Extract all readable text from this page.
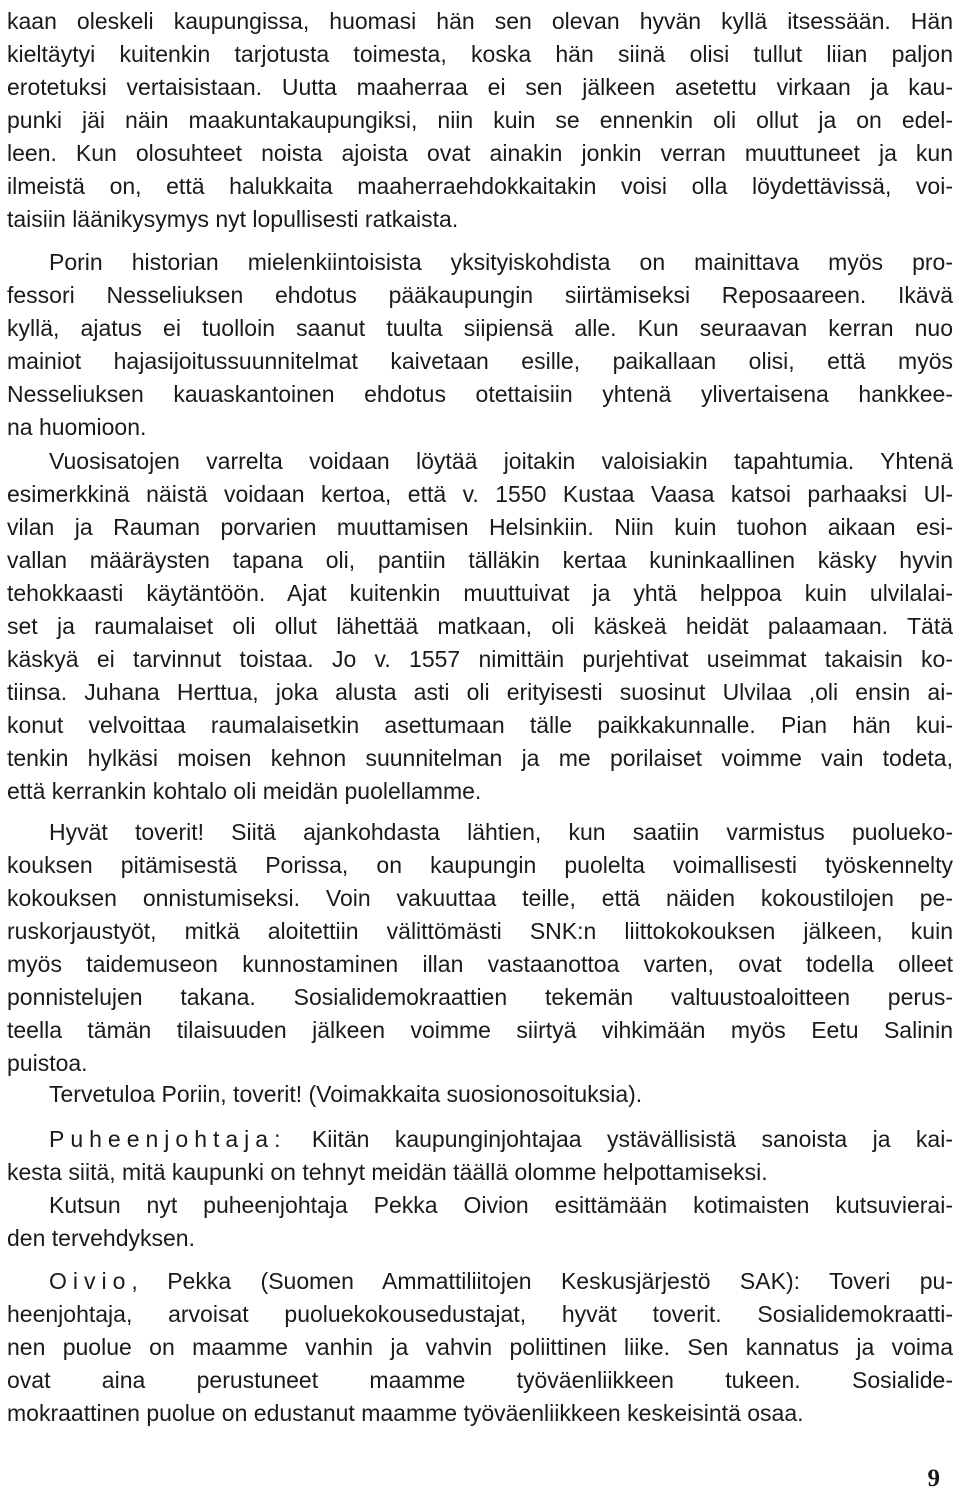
kaan oleskeli kaupungissa, huomasi hän sen olevan hyvän kyllä itsessään. Hän
kieltäytyi kuitenkin tarjotusta toimesta, koska hän siinä olisi tullut liian paljon
erotetuksi vertaisistaan. Uutta maaherraa ei sen jälkeen asetettu virkaan ja kau-
punki jäi näin maakuntakaupungiksi, niin kuin se ennenkin oli ollut ja on edel-
leen. Kun olosuhteet noista ajoista ovat ainakin jonkin verran muuttuneet ja kun
ilmeistä on, että halukkaita maaherraehdokkaitakin voisi olla löydettävissä, voi-
taisiin läänikysymys nyt lopullisesti ratkaista.
Porin historian mielenkiintoisista yksityiskohdista on mainittava myös pro-
fessori Nesseliuksen ehdotus pääkaupungin siirtämiseksi Reposaareen. Ikävä
kyllä, ajatus ei tuolloin saanut tuulta siipiensä alle. Kun seuraavan kerran nuo
mainiot hajasijoitussuunnitelmat kaivetaan esille, paikallaan olisi, että myös
Nesseliuksen kauaskantoinen ehdotus otettaisiin yhtenä ylivertaisena hankkee-
na huomioon.
Vuosisatojen varrelta voidaan löytää joitakin valoisiakin tapahtumia. Yhtenä
esimerkkinä näistä voidaan kertoa, että v. 1550 Kustaa Vaasa katsoi parhaaksi Ul-
vilan ja Rauman porvarien muuttamisen Helsinkiin. Niin kuin tuohon aikaan esi-
vallan määräysten tapana oli, pantiin tälläkin kertaa kuninkaallinen käsky hyvin
tehokkaasti käytäntöön. Ajat kuitenkin muuttuivat ja yhtä helppoa kuin ulvilalai-
set ja raumalaiset oli ollut lähettää matkaan, oli käskeä heidät palaamaan. Tätä
käskyä ei tarvinnut toistaa. Jo v. 1557 nimittäin purjehtivat useimmat takaisin ko-
tiinsa. Juhana Herttua, joka alusta asti oli erityisesti suosinut Ulvilaa ,oli ensin ai-
konut velvoittaa raumalaisetkin asettumaan tälle paikkakunnalle. Pian hän kui-
tenkin hylkäsi moisen kehnon suunnitelman ja me porilaiset voimme vain todeta,
että kerrankin kohtalo oli meidän puolellamme.
Hyvät toverit! Siitä ajankohdasta lähtien, kun saatiin varmistus puolueko-
kouksen pitämisestä Porissa, on kaupungin puolelta voimallisesti työskennelty
kokouksen onnistumiseksi. Voin vakuuttaa teille, että näiden kokoustilojen pe-
ruskorjaustyöt, mitkä aloitettiin välittömästi SNK:n liittokokouksen jälkeen, kuin
myös taidemuseon kunnostaminen illan vastaanottoa varten, ovat todella olleet
ponnistelujen takana. Sosialidemokraattien tekemän valtuustoaloitteen perus-
teella tämän tilaisuuden jälkeen voimme siirtyä vihkimään myös Eetu Salinin
puistoa.
Tervetuloa Poriin, toverit! (Voimakkaita suosionosoituksia).
Puheenjohtaja: Kiitän kaupunginjohtajaa ystävällisistä sanoista ja kai-
kesta siitä, mitä kaupunki on tehnyt meidän täällä olomme helpottamiseksi.
Kutsun nyt puheenjohtaja Pekka Oivion esittämään kotimaisten kutsuvierai-
den tervehdyksen.
Oivio, Pekka (Suomen Ammattiliitojen Keskusjärjestö SAK): Toveri pu-
heenjohtaja, arvoisat puoluekokousedustajat, hyvät toverit. Sosialidemokraatti-
nen puolue on maamme vanhin ja vahvin poliittinen liike. Sen kannatus ja voima
ovat aina perustuneet maamme työväenliikkeen tukeen. Sosialide-
mokraattinen puolue on edustanut maamme työväenliikkeen keskeisintä osaa.
9
